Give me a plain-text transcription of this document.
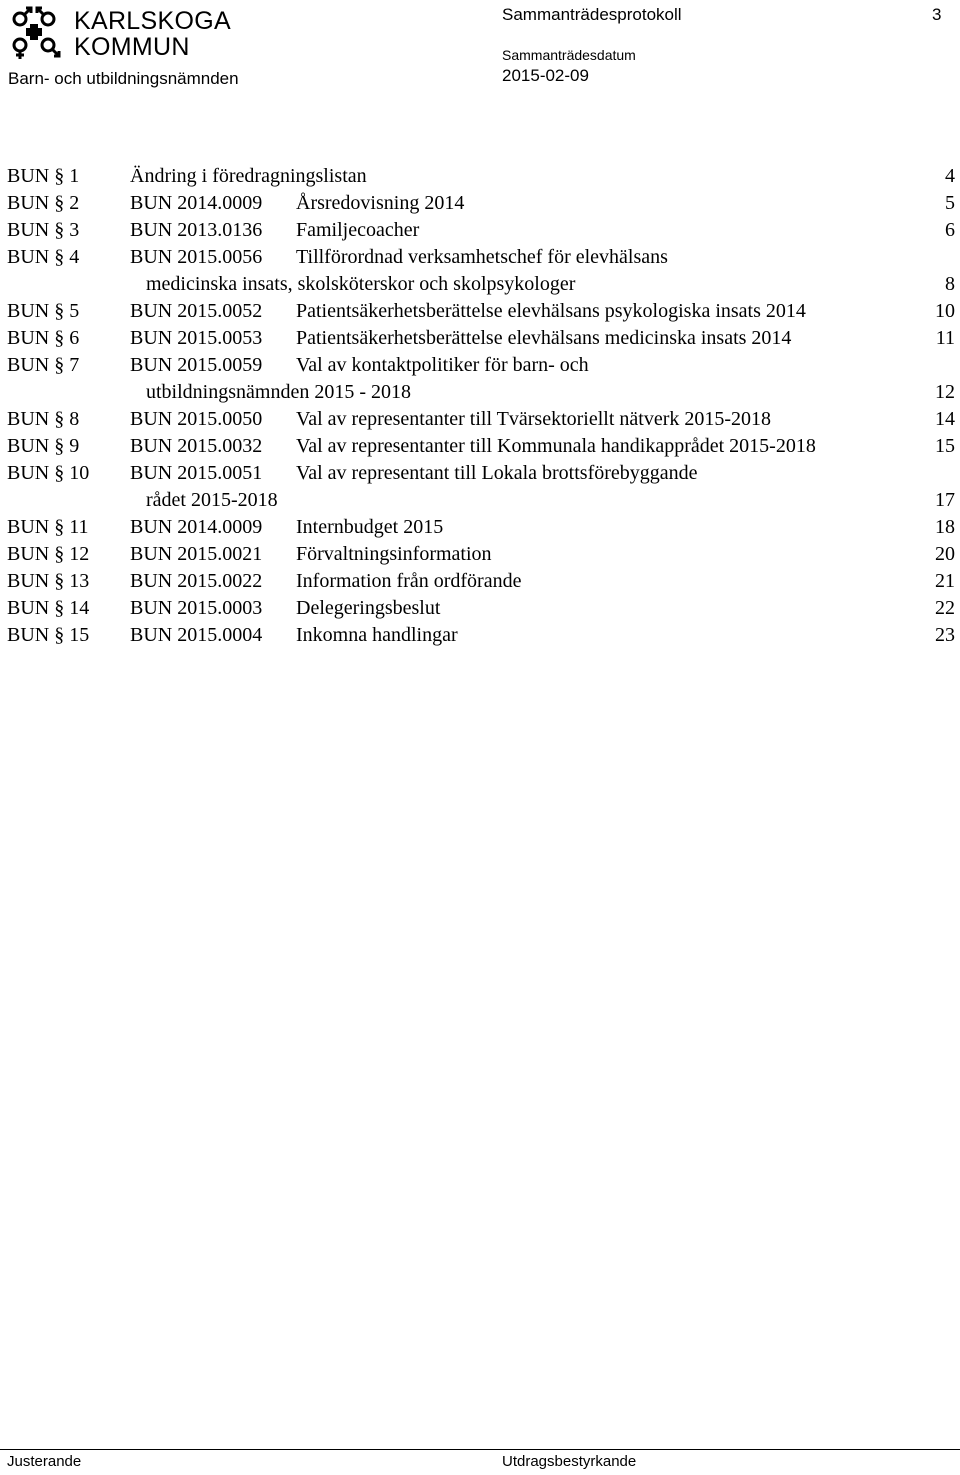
KARLSKOGA
KOMMUN
Barn- och utbildningsnämnden
Sammanträdesprotokoll	3
Sammanträdesdatum
2015-02-09
BUN § 1	Ändring i föredragningslistan	4
BUN § 2	BUN 2014.0009 Årsredovisning 2014	5
BUN § 3	BUN 2013.0136 Familjecoacher	6
BUN § 4	BUN 2015.0056 Tillförordnad verksamhetschef för elevhälsans
medicinska insats, skolsköterskor och skolpsykologer	8
BUN § 5	BUN 2015.0052 Patientsäkerhetsberättelse elevhälsans psykologiska insats 2014	10
BUN § 6	BUN 2015.0053 Patientsäkerhetsberättelse elevhälsans medicinska insats 2014	11
BUN § 7	BUN 2015.0059 Val av kontaktpolitiker för barn- och
utbildningsnämnden 2015 - 2018	12
BUN § 8	BUN 2015.0050 Val av representanter till Tvärsektoriellt nätverk 2015-2018	14
BUN § 9	BUN 2015.0032 Val av representanter till Kommunala handikapprådet 2015-2018	15
BUN § 10 BUN 2015.0051 Val av representant till Lokala brottsförebyggande
rådet 2015-2018	17
BUN § 11 BUN 2014.0009 Internbudget 2015	18
BUN § 12 BUN 2015.0021 Förvaltningsinformation	20
BUN § 13 BUN 2015.0022 Information från ordförande	21
BUN § 14 BUN 2015.0003 Delegeringsbeslut	22
BUN § 15 BUN 2015.0004 Inkomna handlingar	23
Justerande	Utdragsbestyrkande
